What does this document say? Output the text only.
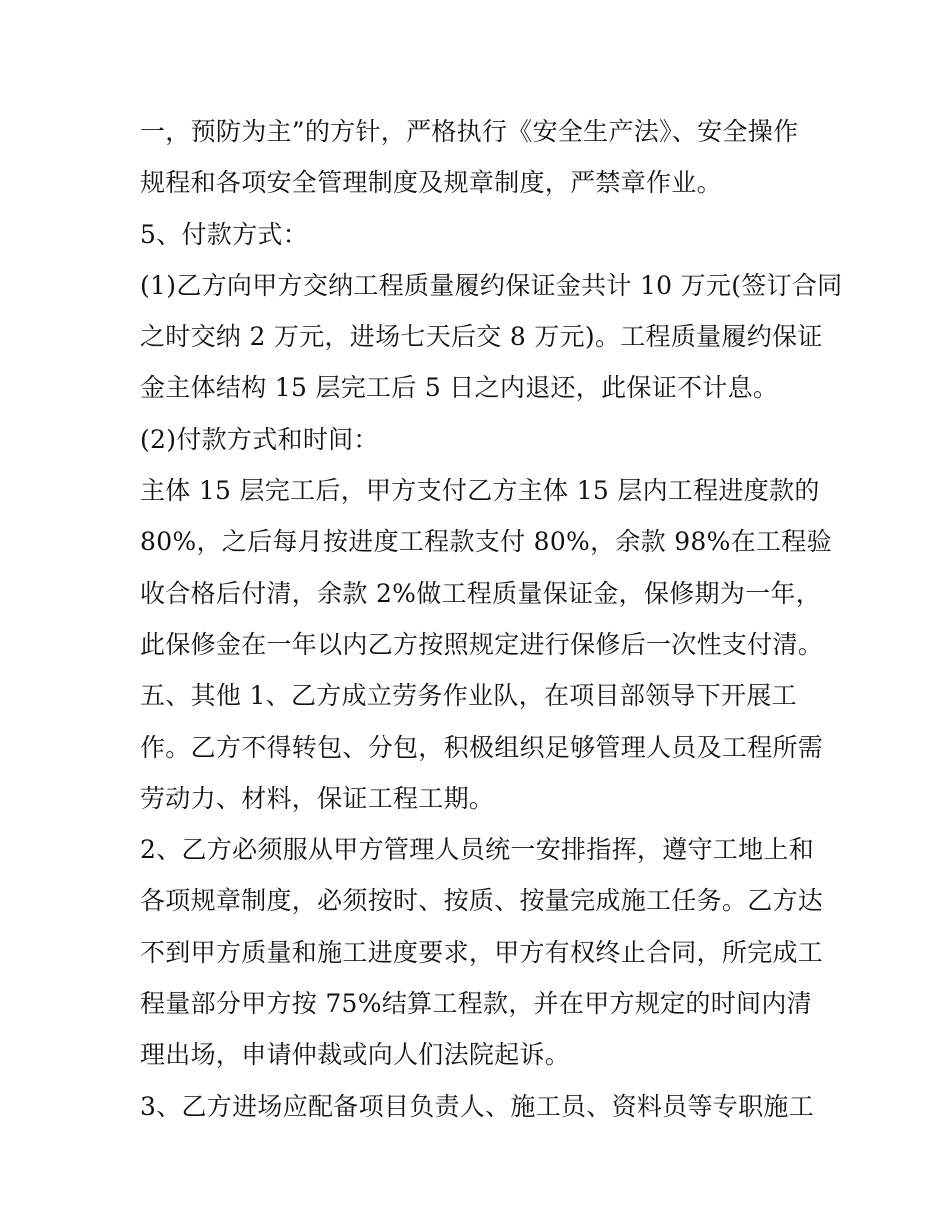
一，预防为主”的方针，严格执行《安全生产法》、安全操作
规程和各项安全管理制度及规章制度，严禁章作业。
5、付款方式：
(1)乙方向甲方交纳工程质量履约保证金共计 10 万元(签订合同
之时交纳 2 万元，进场七天后交 8 万元)。工程质量履约保证
金主体结构 15 层完工后 5 日之内退还，此保证不计息。
(2)付款方式和时间：
主体 15 层完工后，甲方支付乙方主体 15 层内工程进度款的
80%，之后每月按进度工程款支付 80%，余款 98%在工程验
收合格后付清，余款 2%做工程质量保证金，保修期为一年，
此保修金在一年以内乙方按照规定进行保修后一次性支付清。
五、其他 1、乙方成立劳务作业队，在项目部领导下开展工
作。乙方不得转包、分包，积极组织足够管理人员及工程所需
劳动力、材料，保证工程工期。
2、乙方必须服从甲方管理人员统一安排指挥，遵守工地上和
各项规章制度，必须按时、按质、按量完成施工任务。乙方达
不到甲方质量和施工进度要求，甲方有权终止合同，所完成工
程量部分甲方按 75%结算工程款，并在甲方规定的时间内清
理出场，申请仲裁或向人们法院起诉。
3、乙方进场应配备项目负责人、施工员、资料员等专职施工
